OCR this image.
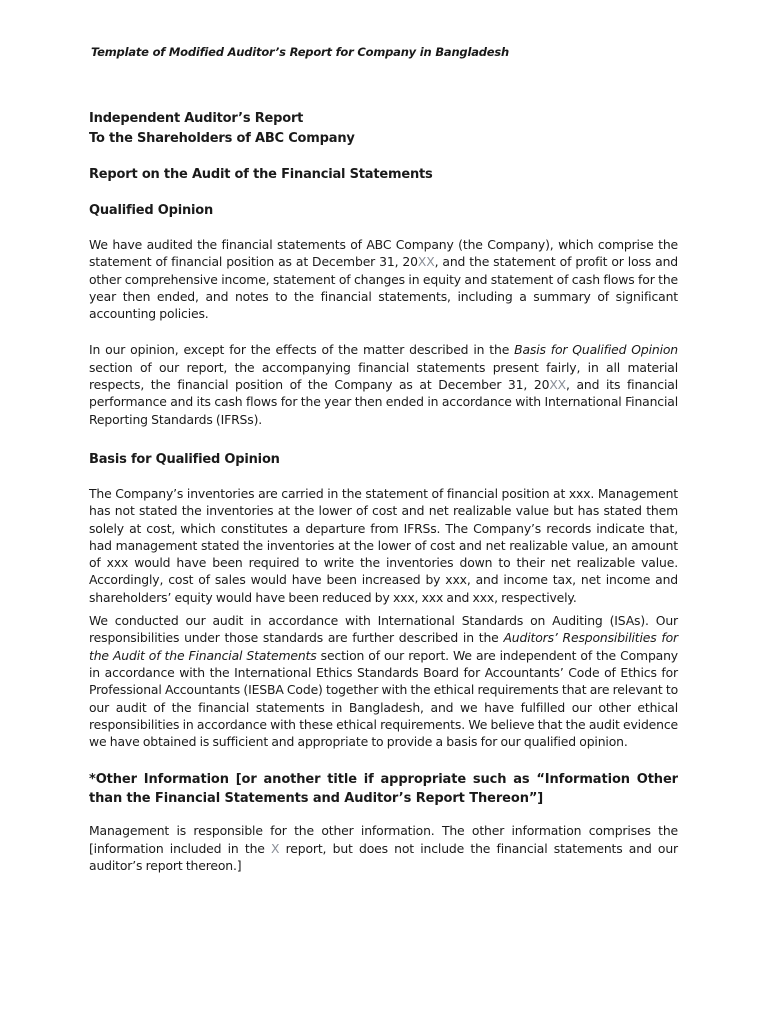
Template of Modified Auditor’s Report for Company in Bangladesh
Independent Auditor’s Report
To the Shareholders of ABC Company
Report on the Audit of the Financial Statements
Qualified Opinion

We have audited the financial statements of ABC Company (the Company), which comprise the statement of financial position as at December 31, 20XX, and the statement of profit or loss and other comprehensive income, statement of changes in equity and statement of cash flows for the year then ended, and notes to the financial statements, including a summary of significant accounting policies.

In our opinion, except for the effects of the matter described in the Basis for Qualified Opinion section of our report, the accompanying financial statements present fairly, in all material respects, the financial position of the Company as at December 31, 20XX, and its financial performance and its cash flows for the year then ended in accordance with International Financial Reporting Standards (IFRSs).

Basis for Qualified Opinion

The Company’s inventories are carried in the statement of financial position at xxx. Management has not stated the inventories at the lower of cost and net realizable value but has stated them solely at cost, which constitutes a departure from IFRSs. The Company’s records indicate that, had management stated the inventories at the lower of cost and net realizable value, an amount of xxx would have been required to write the inventories down to their net realizable value. Accordingly, cost of sales would have been increased by xxx, and income tax, net income and shareholders’ equity would have been reduced by xxx, xxx and xxx, respectively.

We conducted our audit in accordance with International Standards on Auditing (ISAs). Our responsibilities under those standards are further described in the Auditors’ Responsibilities for the Audit of the Financial Statements section of our report. We are independent of the Company in accordance with the International Ethics Standards Board for Accountants’ Code of Ethics for Professional Accountants (IESBA Code) together with the ethical requirements that are relevant to our audit of the financial statements in Bangladesh, and we have fulfilled our other ethical responsibilities in accordance with these ethical requirements. We believe that the audit evidence we have obtained is sufficient and appropriate to provide a basis for our qualified opinion.

*Other Information [or another title if appropriate such as “Information Other than the Financial Statements and Auditor’s Report Thereon”]

Management is responsible for the other information. The other information comprises the [information included in the X report, but does not include the financial statements and our auditor’s report thereon.]
